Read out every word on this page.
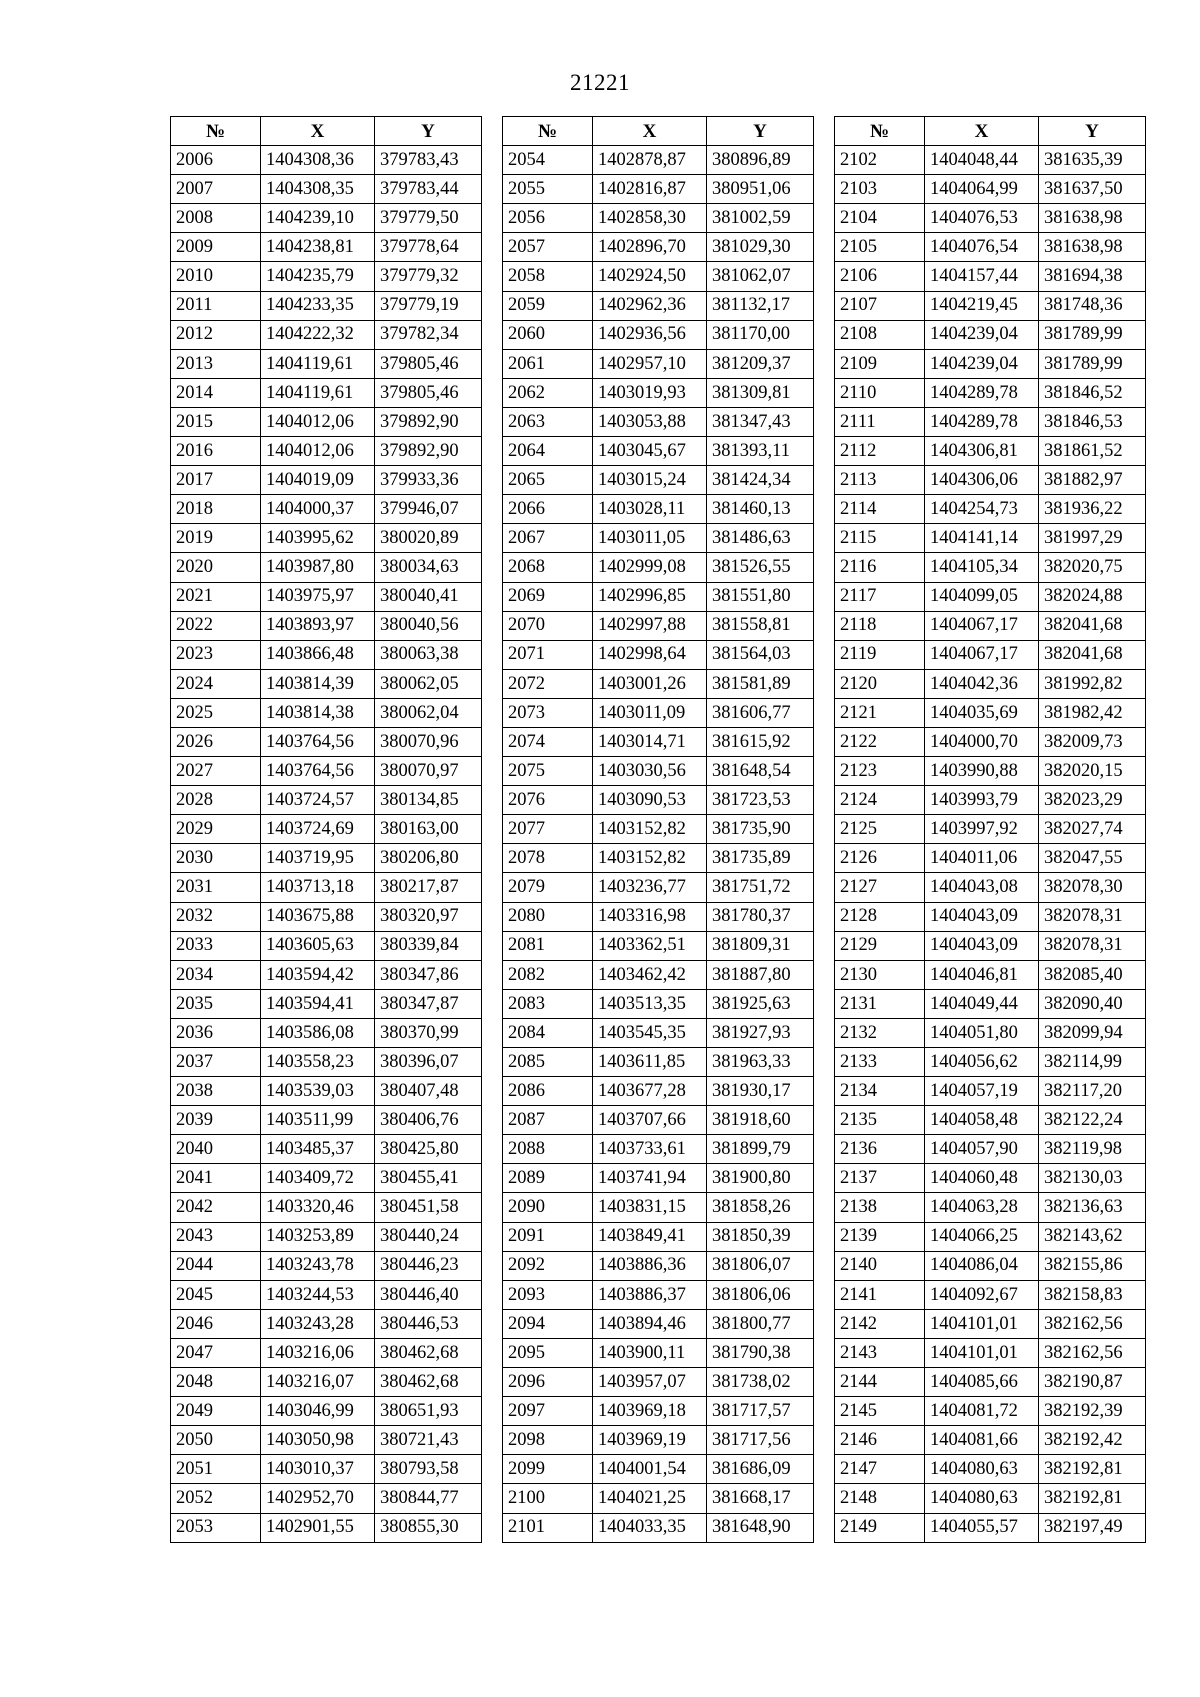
21221
№	X	Y
2006	1404308,36	379783,43
2007	1404308,35	379783,44
2008	1404239,10	379779,50
2009	1404238,81	379778,64
2010	1404235,79	379779,32
2011	1404233,35	379779,19
2012	1404222,32	379782,34
2013	1404119,61	379805,46
2014	1404119,61	379805,46
2015	1404012,06	379892,90
2016	1404012,06	379892,90
2017	1404019,09	379933,36
2018	1404000,37	379946,07
2019	1403995,62	380020,89
2020	1403987,80	380034,63
2021	1403975,97	380040,41
2022	1403893,97	380040,56
2023	1403866,48	380063,38
2024	1403814,39	380062,05
2025	1403814,38	380062,04
2026	1403764,56	380070,96
2027	1403764,56	380070,97
2028	1403724,57	380134,85
2029	1403724,69	380163,00
2030	1403719,95	380206,80
2031	1403713,18	380217,87
2032	1403675,88	380320,97
2033	1403605,63	380339,84
2034	1403594,42	380347,86
2035	1403594,41	380347,87
2036	1403586,08	380370,99
2037	1403558,23	380396,07
2038	1403539,03	380407,48
2039	1403511,99	380406,76
2040	1403485,37	380425,80
2041	1403409,72	380455,41
2042	1403320,46	380451,58
2043	1403253,89	380440,24
2044	1403243,78	380446,23
2045	1403244,53	380446,40
2046	1403243,28	380446,53
2047	1403216,06	380462,68
2048	1403216,07	380462,68
2049	1403046,99	380651,93
2050	1403050,98	380721,43
2051	1403010,37	380793,58
2052	1402952,70	380844,77
2053	1402901,55	380855,30
№	X	Y
2054	1402878,87	380896,89
2055	1402816,87	380951,06
2056	1402858,30	381002,59
2057	1402896,70	381029,30
2058	1402924,50	381062,07
2059	1402962,36	381132,17
2060	1402936,56	381170,00
2061	1402957,10	381209,37
2062	1403019,93	381309,81
2063	1403053,88	381347,43
2064	1403045,67	381393,11
2065	1403015,24	381424,34
2066	1403028,11	381460,13
2067	1403011,05	381486,63
2068	1402999,08	381526,55
2069	1402996,85	381551,80
2070	1402997,88	381558,81
2071	1402998,64	381564,03
2072	1403001,26	381581,89
2073	1403011,09	381606,77
2074	1403014,71	381615,92
2075	1403030,56	381648,54
2076	1403090,53	381723,53
2077	1403152,82	381735,90
2078	1403152,82	381735,89
2079	1403236,77	381751,72
2080	1403316,98	381780,37
2081	1403362,51	381809,31
2082	1403462,42	381887,80
2083	1403513,35	381925,63
2084	1403545,35	381927,93
2085	1403611,85	381963,33
2086	1403677,28	381930,17
2087	1403707,66	381918,60
2088	1403733,61	381899,79
2089	1403741,94	381900,80
2090	1403831,15	381858,26
2091	1403849,41	381850,39
2092	1403886,36	381806,07
2093	1403886,37	381806,06
2094	1403894,46	381800,77
2095	1403900,11	381790,38
2096	1403957,07	381738,02
2097	1403969,18	381717,57
2098	1403969,19	381717,56
2099	1404001,54	381686,09
2100	1404021,25	381668,17
2101	1404033,35	381648,90
№	X	Y
2102	1404048,44	381635,39
2103	1404064,99	381637,50
2104	1404076,53	381638,98
2105	1404076,54	381638,98
2106	1404157,44	381694,38
2107	1404219,45	381748,36
2108	1404239,04	381789,99
2109	1404239,04	381789,99
2110	1404289,78	381846,52
2111	1404289,78	381846,53
2112	1404306,81	381861,52
2113	1404306,06	381882,97
2114	1404254,73	381936,22
2115	1404141,14	381997,29
2116	1404105,34	382020,75
2117	1404099,05	382024,88
2118	1404067,17	382041,68
2119	1404067,17	382041,68
2120	1404042,36	381992,82
2121	1404035,69	381982,42
2122	1404000,70	382009,73
2123	1403990,88	382020,15
2124	1403993,79	382023,29
2125	1403997,92	382027,74
2126	1404011,06	382047,55
2127	1404043,08	382078,30
2128	1404043,09	382078,31
2129	1404043,09	382078,31
2130	1404046,81	382085,40
2131	1404049,44	382090,40
2132	1404051,80	382099,94
2133	1404056,62	382114,99
2134	1404057,19	382117,20
2135	1404058,48	382122,24
2136	1404057,90	382119,98
2137	1404060,48	382130,03
2138	1404063,28	382136,63
2139	1404066,25	382143,62
2140	1404086,04	382155,86
2141	1404092,67	382158,83
2142	1404101,01	382162,56
2143	1404101,01	382162,56
2144	1404085,66	382190,87
2145	1404081,72	382192,39
2146	1404081,66	382192,42
2147	1404080,63	382192,81
2148	1404080,63	382192,81
2149	1404055,57	382197,49
